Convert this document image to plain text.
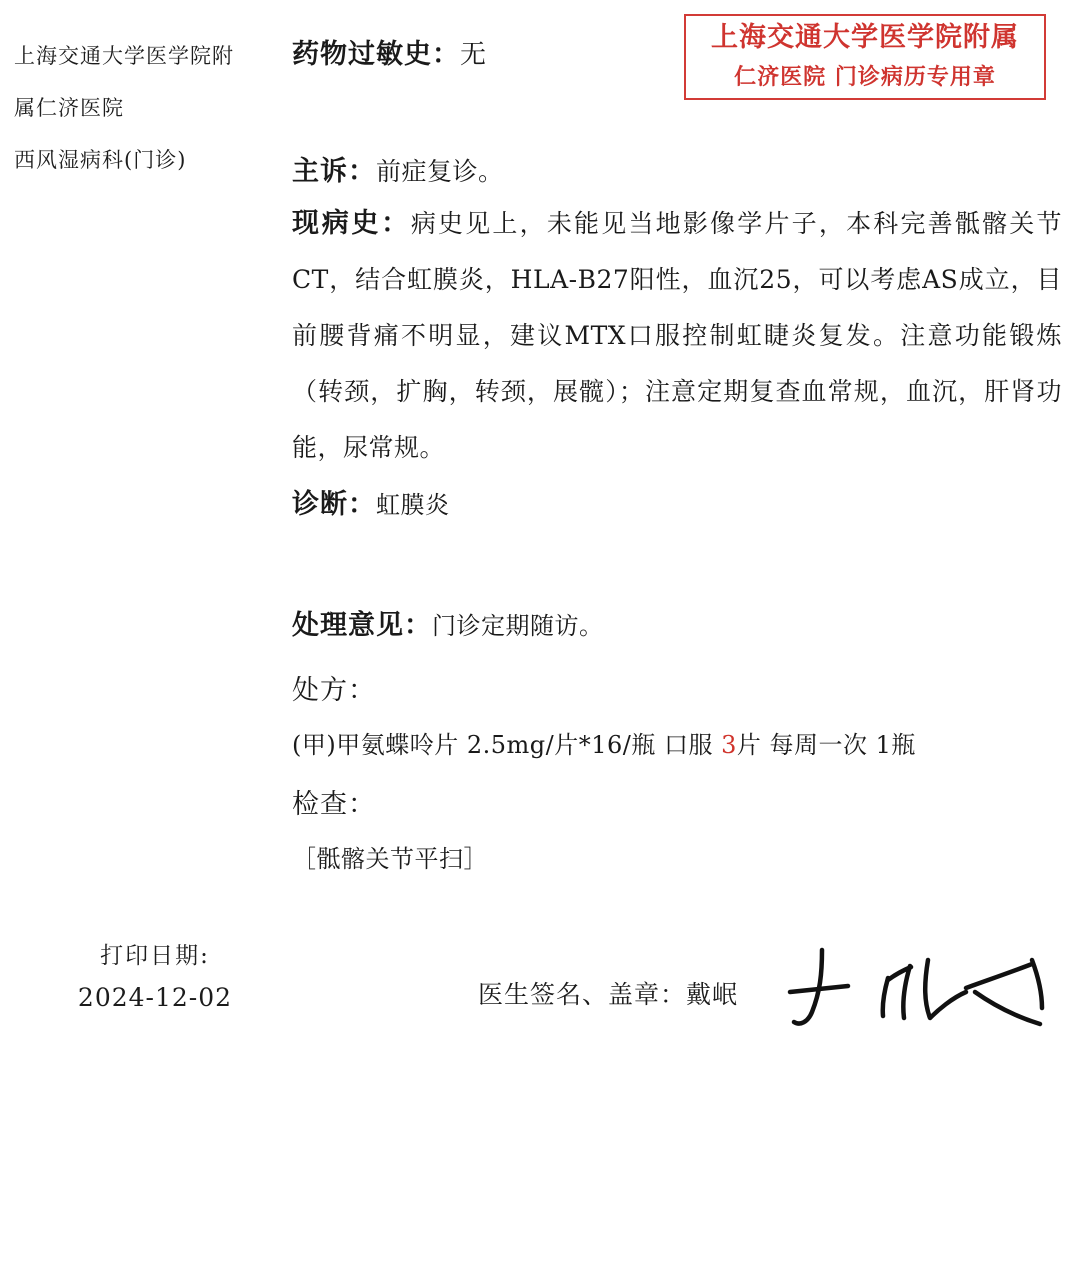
上海交通大学医学院附
属仁济医院
西风湿病科(门诊)
打印日期:
2024-12-02
上海交通大学医学院附属
仁济医院 门诊病历专用章
药物过敏史：无
主诉：前症复诊。
现病史：病史见上，未能见当地影像学片子，本科完善骶髂关节CT，结合虹膜炎，HLA-B27阳性，血沉25，可以考虑AS成立，目前腰背痛不明显，建议MTX口服控制虹睫炎复发。注意功能锻炼（转颈，扩胸，转颈，展髋）；注意定期复查血常规，血沉，肝肾功能，尿常规。
诊断：虹膜炎
处理意见：门诊定期随访。
处方：
(甲)甲氨蝶呤片 2.5mg/片*16/瓶 口服 3片 每周一次 1瓶
检查：
［骶髂关节平扫］
医生签名、盖章：戴岷
